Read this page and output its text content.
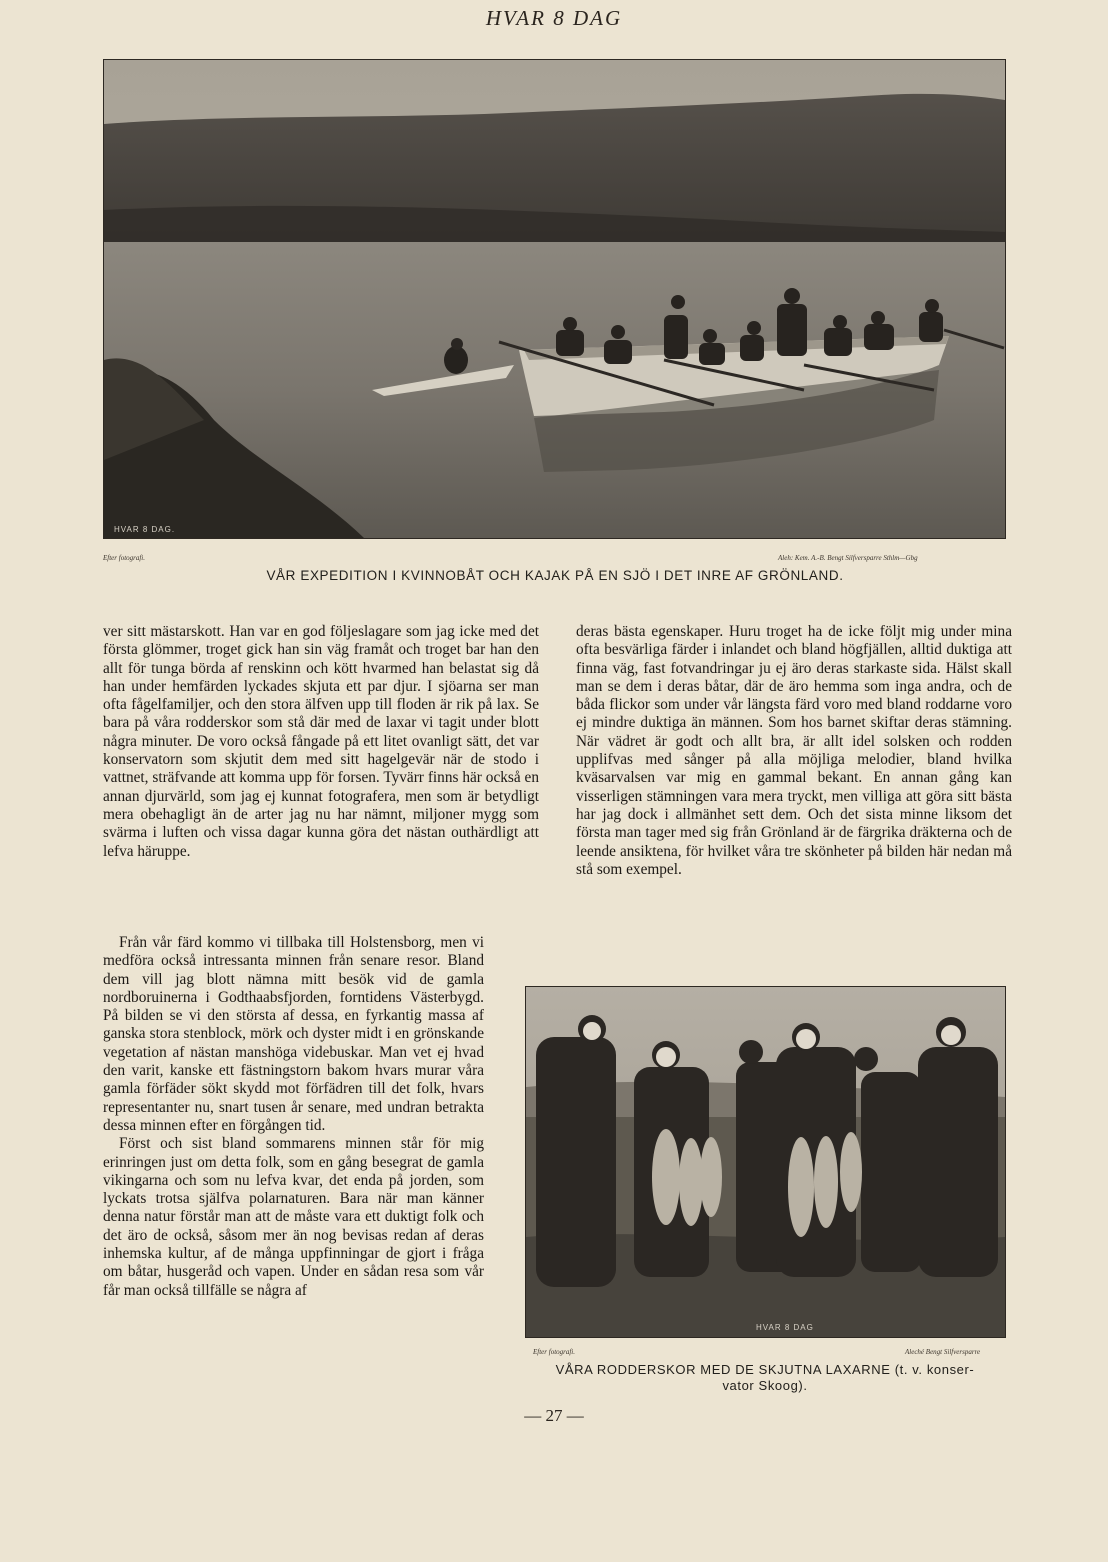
HVAR 8 DAG
HVAR 8 DAG.
Efter fotografi.	Aleh: Kem. A.-B. Bengt Silfversparre Sthlm—Gbg
VÅR EXPEDITION I KVINNOBÅT OCH KAJAK PÅ EN SJÖ I DET INRE AF GRÖNLAND.

ver sitt mästarskott. Han var en god följeslagare som jag icke med det första glömmer, troget gick han sin väg framåt och troget bar han den allt för tunga börda af renskinn och kött hvarmed han belastat sig då han under hemfärden lyckades skjuta ett par djur. I sjöarna ser man ofta fågelfamiljer, och den stora älfven upp till floden är rik på lax. Se bara på våra rodderskor som stå där med de laxar vi tagit under blott några minuter. De voro också fångade på ett litet ovanligt sätt, det var konservatorn som skjutit dem med sitt hagelgevär när de stodo i vattnet, sträfvande att komma upp för forsen. Tyvärr finns här också en annan djurvärld, som jag ej kunnat fotografera, men som är betydligt mera obehagligt än de arter jag nu har nämnt, miljoner mygg som svärma i luften och vissa dagar kunna göra det nästan outhärdligt att lefva häruppe.

Från vår färd kommo vi tillbaka till Holstensborg, men vi medföra också intressanta minnen från senare resor. Bland dem vill jag blott nämna mitt besök vid de gamla nordboruinerna i Godthaabsfjorden, forntidens Västerbygd. På bilden se vi den största af dessa, en fyrkantig massa af ganska stora stenblock, mörk och dyster midt i en grönskande vegetation af nästan manshöga videbuskar. Man vet ej hvad den varit, kanske ett fästningstorn bakom hvars murar våra gamla förfäder sökt skydd mot förfädren till det folk, hvars representanter nu, snart tusen år senare, med undran betrakta dessa minnen efter en förgången tid.

Först och sist bland sommarens minnen står för mig erinringen just om detta folk, som en gång besegrat de gamla vikingarna och som nu lefva kvar, det enda på jorden, som lyckats trotsa själfva polarnaturen. Bara när man känner denna natur förstår man att de måste vara ett duktigt folk och det äro de också, såsom mer än nog bevisas redan af deras inhemska kultur, af de många uppfinningar de gjort i fråga om båtar, husgeråd och vapen. Under en sådan resa som vår får man också tillfälle se några af

deras bästa egenskaper. Huru troget ha de icke följt mig under mina ofta besvärliga färder i inlandet och bland högfjällen, alltid duktiga att finna väg, fast fotvandringar ju ej äro deras starkaste sida. Hälst skall man se dem i deras båtar, där de äro hemma som inga andra, och de båda flickor som under vår längsta färd voro med bland roddarne voro ej mindre duktiga än männen. Som hos barnet skiftar deras stämning. När vädret är godt och allt bra, är allt idel solsken och rodden upplifvas med sånger på alla möjliga melodier, bland hvilka kväsarvalsen var mig en gammal bekant. En annan gång kan visserligen stämningen vara mera tryckt, men villiga att göra sitt bästa har jag dock i allmänhet sett dem. Och det sista minne liksom det första man tager med sig från Grönland är de färgrika dräkterna och de leende ansiktena, för hvilket våra tre skönheter på bilden här nedan må stå som exempel.

HVAR 8 DAG
Efter fotografi.	Aleché Bengt Silfversparre
VÅRA RODDERSKOR MED DE SKJUTNA LAXARNE (t. v. konser-
vator Skoog).
— 27 —
